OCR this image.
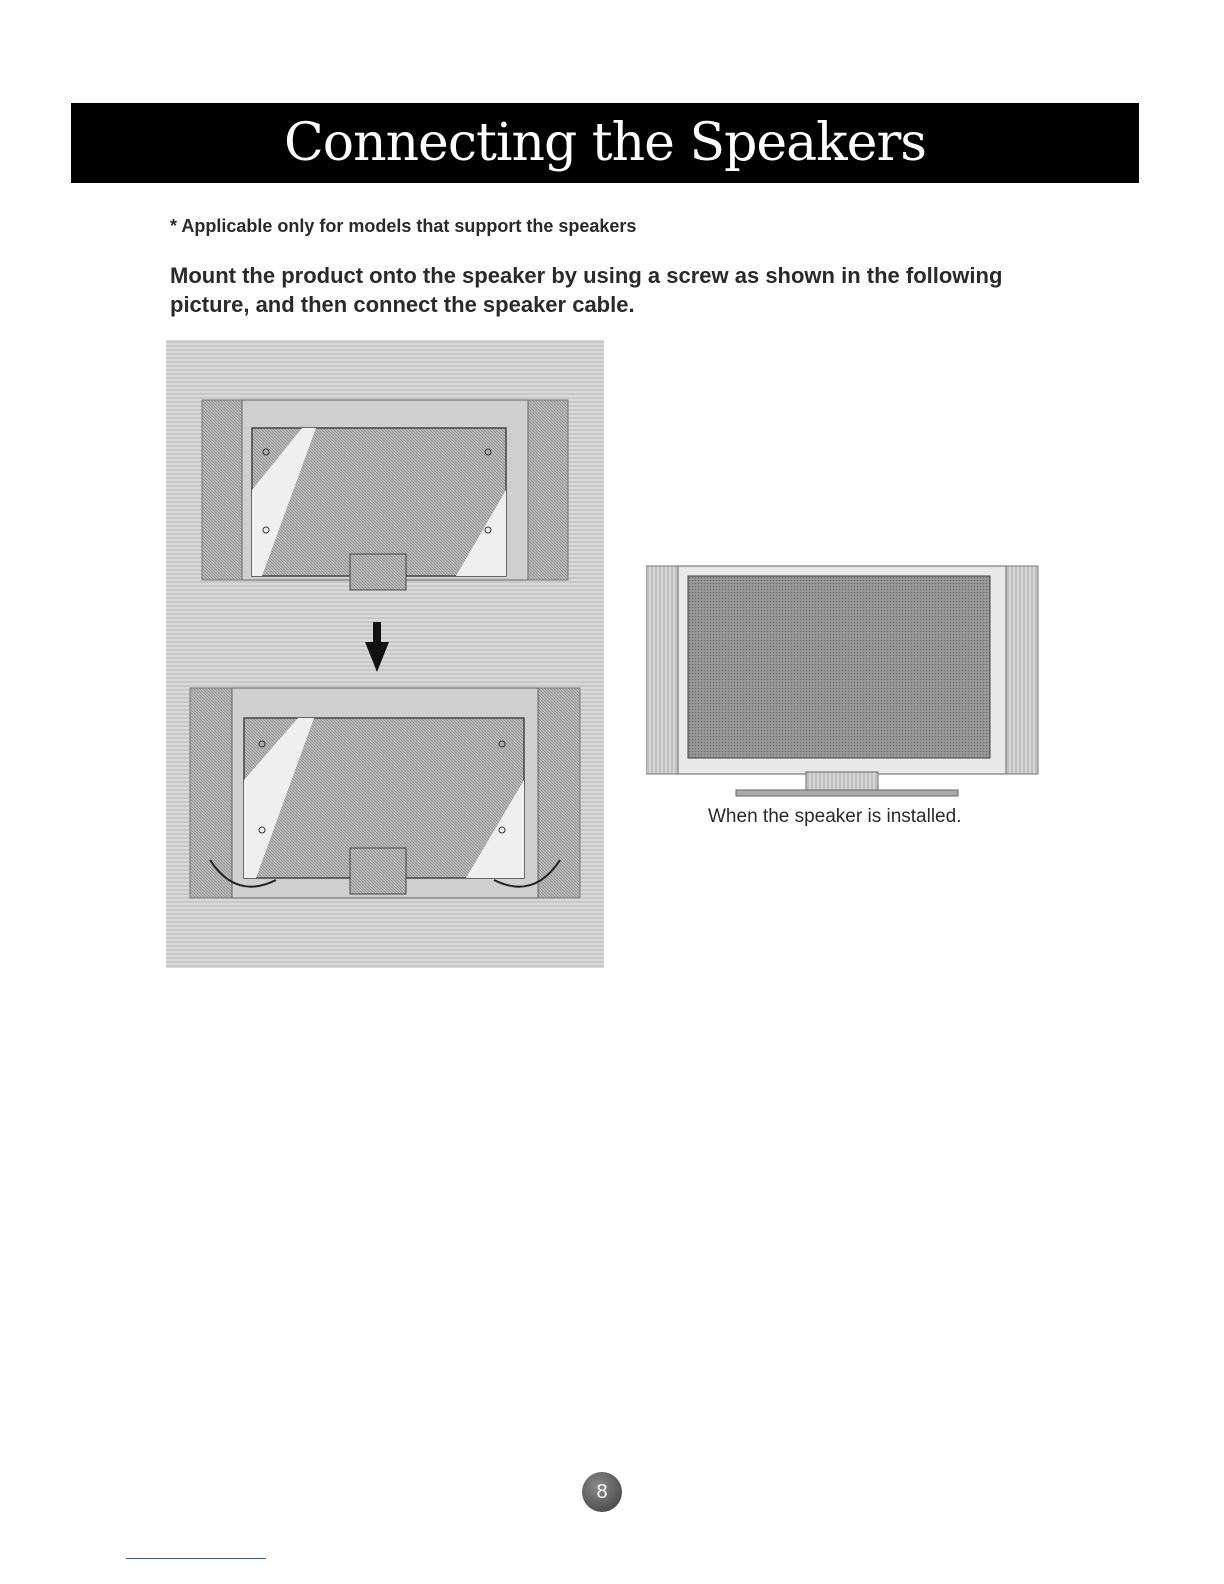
Connecting the Speakers
* Applicable only for models that support the speakers
Mount the product onto the speaker by using a screw as shown in the following picture, and then connect the speaker cable.
When the speaker is installed.
8
